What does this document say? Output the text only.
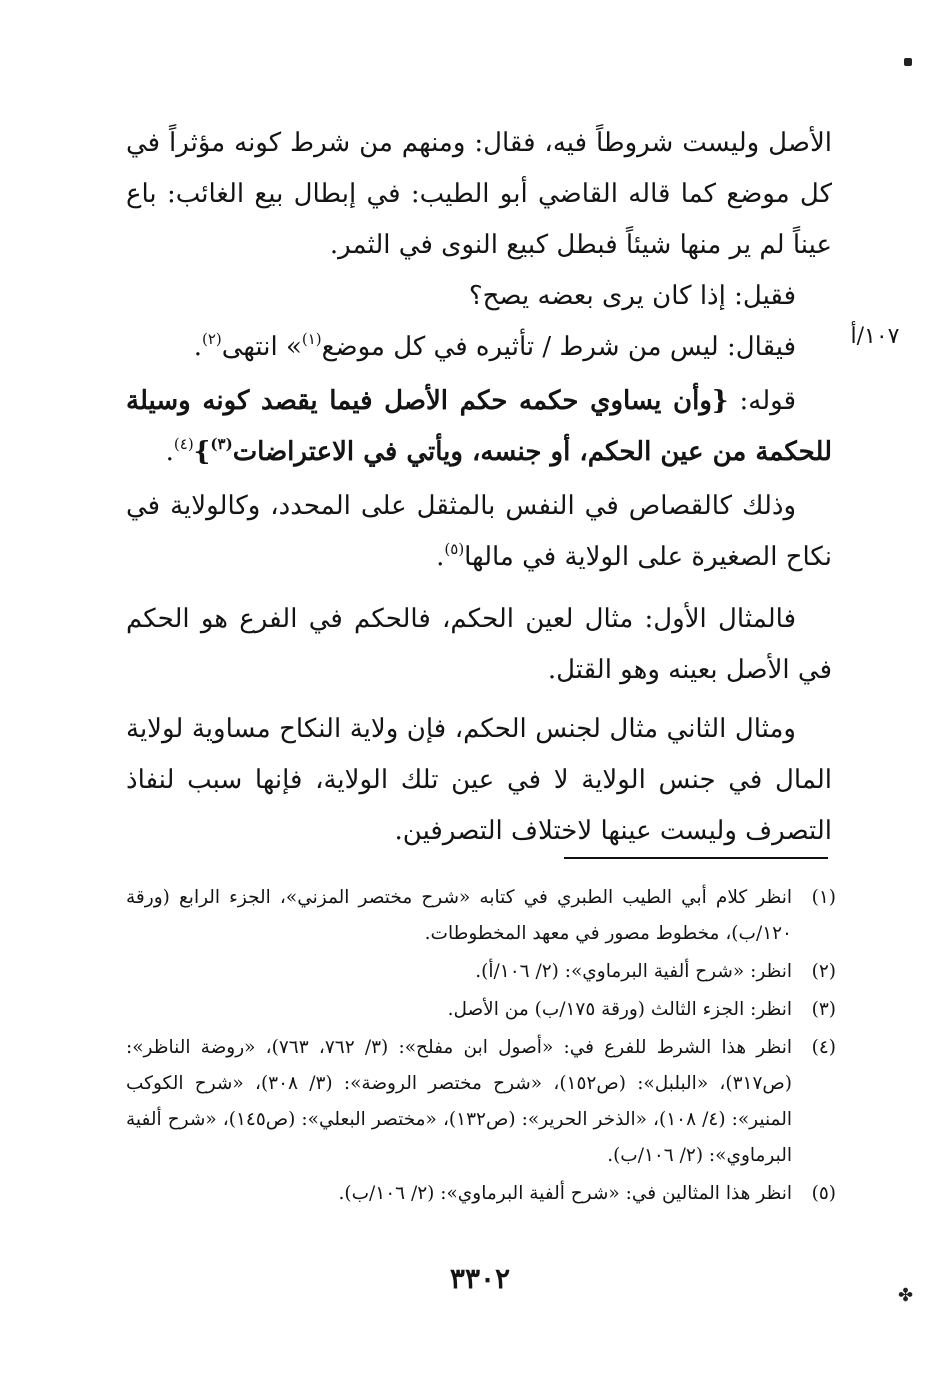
١٠٧/أ

الأصل وليست شروطاً فيه، فقال: ومنهم من شرط كونه مؤثراً في كل موضع كما قاله القاضي أبو الطيب: في إبطال بيع الغائب: باع عيناً لم ير منها شيئاً فبطل كبيع النوى في الثمر.

فقيل: إذا كان يرى بعضه يصح؟

فيقال: ليس من شرط / تأثيره في كل موضع$^{(١)}$» انتهى$^{(٢)}$.

قوله: {وأن يساوي حكمه حكم الأصل فيما يقصد كونه وسيلة للحكمة من عين الحكم، أو جنسه، ويأتي في الاعتراضات$^{(٣)}$}$^{(٤)}$.

وذلك كالقصاص في النفس بالمثقل على المحدد، وكالولاية في نكاح الصغيرة على الولاية في مالها$^{(٥)}$.

فالمثال الأول: مثال لعين الحكم، فالحكم في الفرع هو الحكم في الأصل بعينه وهو القتل.

ومثال الثاني مثال لجنس الحكم، فإن ولاية النكاح مساوية لولاية المال في جنس الولاية لا في عين تلك الولاية، فإنها سبب لنفاذ التصرف وليست عينها لاختلاف التصرفين.

(١)
انظر كلام أبي الطيب الطبري في كتابه «شرح مختصر المزني»، الجزء الرابع (ورقة ١٢٠/ب)، مخطوط مصور في معهد المخطوطات.
(٢)
انظر: «شرح ألفية البرماوي»: (٢/ ١٠٦/أ).
(٣)
انظر: الجزء الثالث (ورقة ١٧٥/ب) من الأصل.
(٤)
انظر هذا الشرط للفرع في: «أصول ابن مفلح»: (٣/ ٧٦٢، ٧٦٣)، «روضة الناظر»: (ص٣١٧)، «البلبل»: (ص١٥٢)، «شرح مختصر الروضة»: (٣/ ٣٠٨)، «شرح الكوكب المنير»: (٤/ ١٠٨)، «الذخر الحرير»: (ص١٣٢)، «مختصر البعلي»: (ص١٤٥)، «شرح ألفية البرماوي»: (٢/ ١٠٦/ب).
(٥)
انظر هذا المثالين في: «شرح ألفية البرماوي»: (٢/ ١٠٦/ب).
٣٣٠٢
✤
